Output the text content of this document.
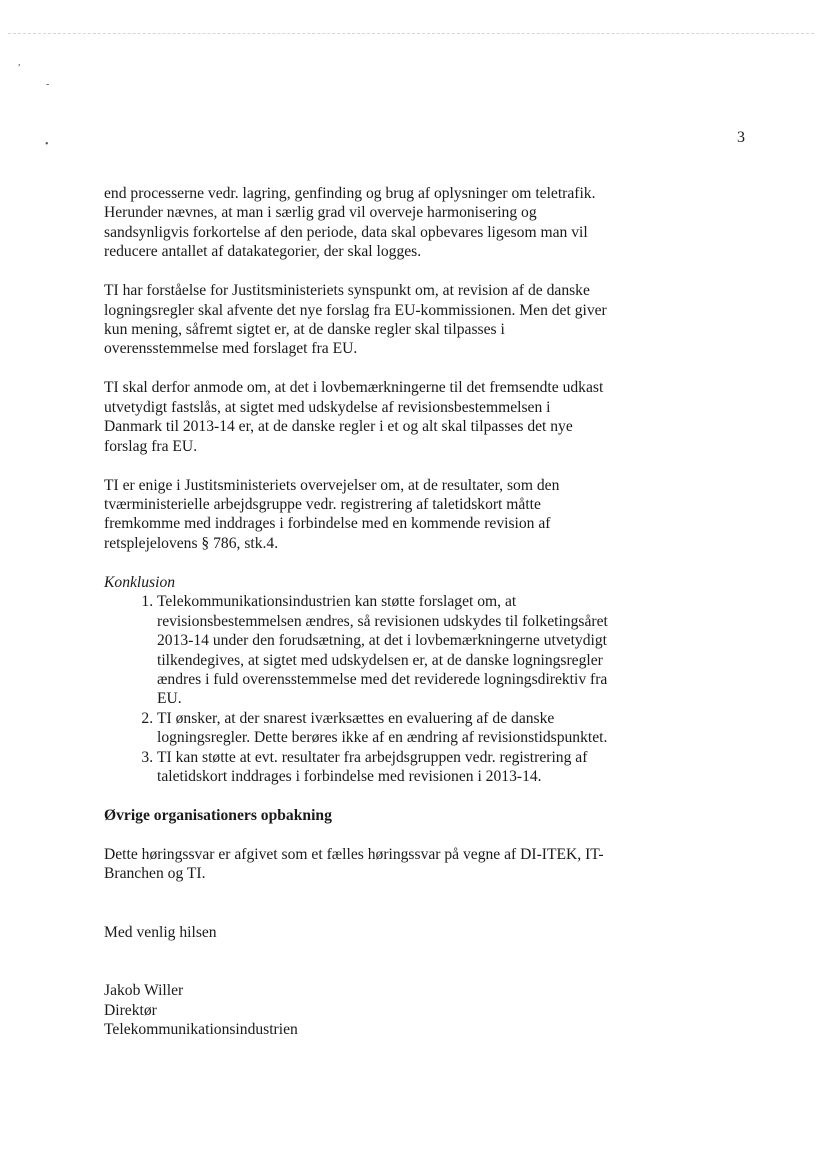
,
-
•	3

end processerne vedr. lagring, genfinding og brug af oplysninger om teletrafik.
Herunder nævnes, at man i særlig grad vil overveje harmonisering og
sandsynligvis forkortelse af den periode, data skal opbevares ligesom man vil
reducere antallet af datakategorier, der skal logges.

TI har forståelse for Justitsministeriets synspunkt om, at revision af de danske
logningsregler skal afvente det nye forslag fra EU-kommissionen. Men det giver
kun mening, såfremt sigtet er, at de danske regler skal tilpasses i
overensstemmelse med forslaget fra EU.

TI skal derfor anmode om, at det i lovbemærkningerne til det fremsendte udkast
utvetydigt fastslås, at sigtet med udskydelse af revisionsbestemmelsen i
Danmark til 2013-14 er, at de danske regler i et og alt skal tilpasses det nye
forslag fra EU.

TI er enige i Justitsministeriets overvejelser om, at de resultater, som den
tværministerielle arbejdsgruppe vedr. registrering af taletidskort måtte
fremkomme med inddrages i forbindelse med en kommende revision af
retsplejelovens § 786, stk.4.

Konklusion

1. Telekommunikationsindustrien kan støtte forslaget om, at
revisionsbestemmelsen ændres, så revisionen udskydes til folketingsåret
2013-14 under den forudsætning, at det i lovbemærkningerne utvetydigt
tilkendegives, at sigtet med udskydelsen er, at de danske logningsregler
ændres i fuld overensstemmelse med det reviderede logningsdirektiv fra
EU.
2. TI ønsker, at der snarest iværksættes en evaluering af de danske
logningsregler. Dette berøres ikke af en ændring af revisionstidspunktet.
3. TI kan støtte at evt. resultater fra arbejdsgruppen vedr. registrering af
taletidskort inddrages i forbindelse med revisionen i 2013-14.

Øvrige organisationers opbakning

Dette høringssvar er afgivet som et fælles høringssvar på vegne af DI-ITEK, IT-
Branchen og TI.

Med venlig hilsen

Jakob Willer
Direktør
Telekommunikationsindustrien
